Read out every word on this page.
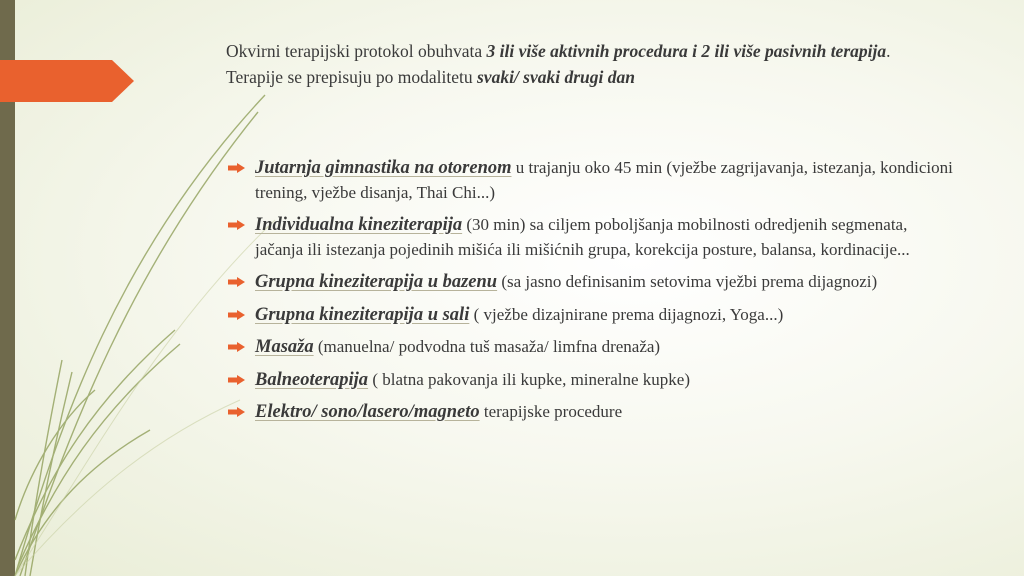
Okvirni terapijski protokol obuhvata 3 ili više aktivnih procedura i 2 ili više pasivnih terapija. Terapije se prepisuju po modalitetu svaki/ svaki drugi dan
Jutarnja gimnastika na otorenom u trajanju oko 45 min (vježbe zagrijavanja, istezanja, kondicioni trening, vježbe disanja, Thai Chi...)
Individualna kineziterapija (30 min) sa ciljem poboljšanja mobilnosti odredjenih segmenata, jačanja ili istezanja pojedinih mišića ili mišićnih grupa, korekcija posture, balansa, kordinacije...
Grupna kineziterapija u bazenu (sa jasno definisanim setovima vježbi prema dijagnozi)
Grupna kineziterapija u sali ( vježbe dizajnirane prema dijagnozi, Yoga...)
Masaža (manuelna/ podvodna tuš masaža/ limfna drenaža)
Balneoterapija ( blatna pakovanja ili kupke, mineralne kupke)
Elektro/ sono/lasero/magneto terapijske procedure
